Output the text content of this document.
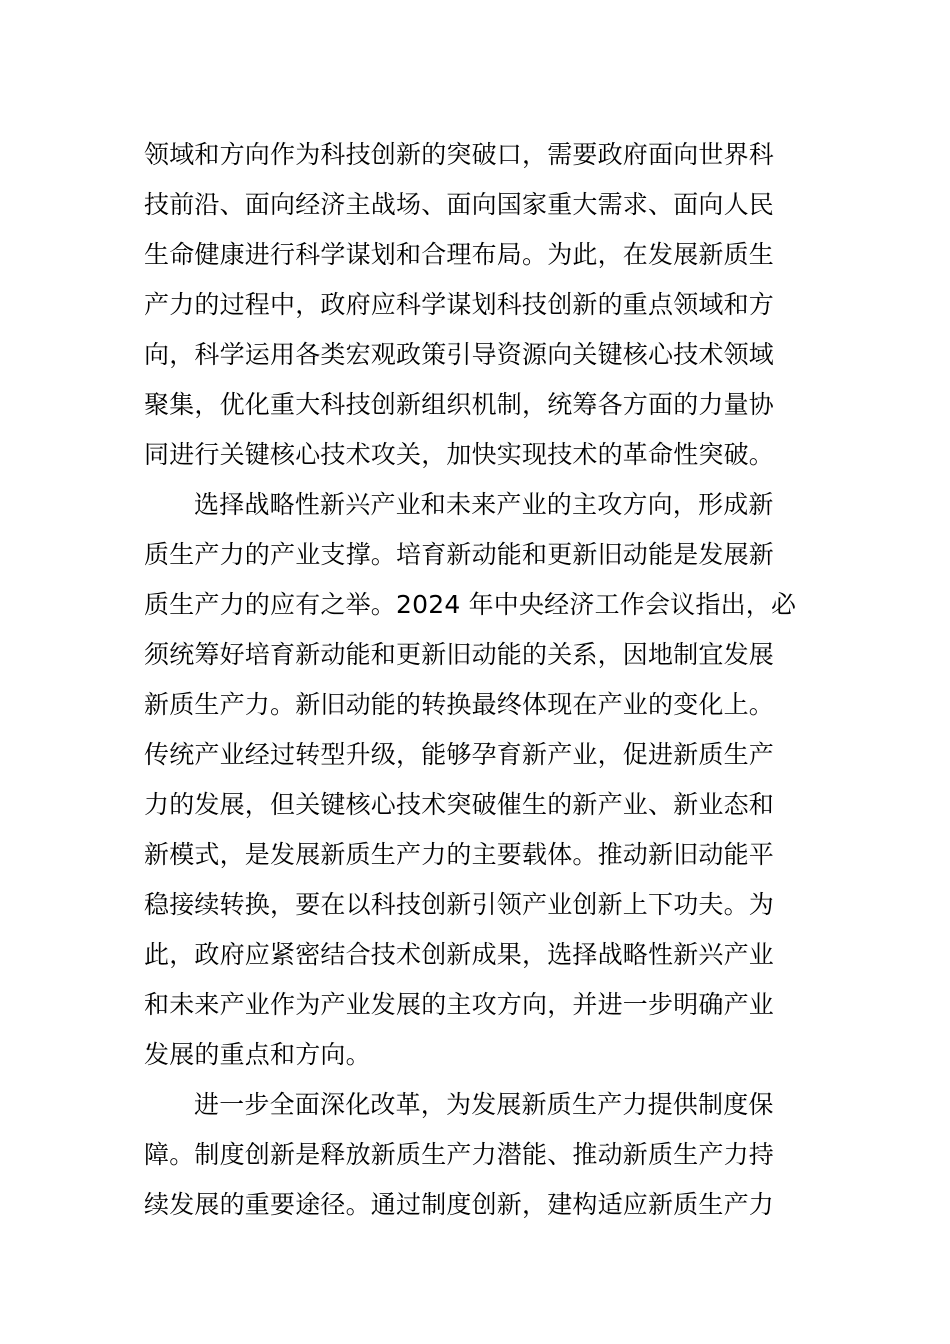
领域和方向作为科技创新的突破口，需要政府面向世界科
技前沿、面向经济主战场、面向国家重大需求、面向人民
生命健康进行科学谋划和合理布局。为此，在发展新质生
产力的过程中，政府应科学谋划科技创新的重点领域和方
向，科学运用各类宏观政策引导资源向关键核心技术领域
聚集，优化重大科技创新组织机制，统筹各方面的力量协
同进行关键核心技术攻关，加快实现技术的革命性突破。
选择战略性新兴产业和未来产业的主攻方向，形成新
质生产力的产业支撑。培育新动能和更新旧动能是发展新
质生产力的应有之举。2024 年中央经济工作会议指出，必
须统筹好培育新动能和更新旧动能的关系，因地制宜发展
新质生产力。新旧动能的转换最终体现在产业的变化上。
传统产业经过转型升级，能够孕育新产业，促进新质生产
力的发展，但关键核心技术突破催生的新产业、新业态和
新模式，是发展新质生产力的主要载体。推动新旧动能平
稳接续转换，要在以科技创新引领产业创新上下功夫。为
此，政府应紧密结合技术创新成果，选择战略性新兴产业
和未来产业作为产业发展的主攻方向，并进一步明确产业
发展的重点和方向。
进一步全面深化改革，为发展新质生产力提供制度保
障。制度创新是释放新质生产力潜能、推动新质生产力持
续发展的重要途径。通过制度创新，建构适应新质生产力
